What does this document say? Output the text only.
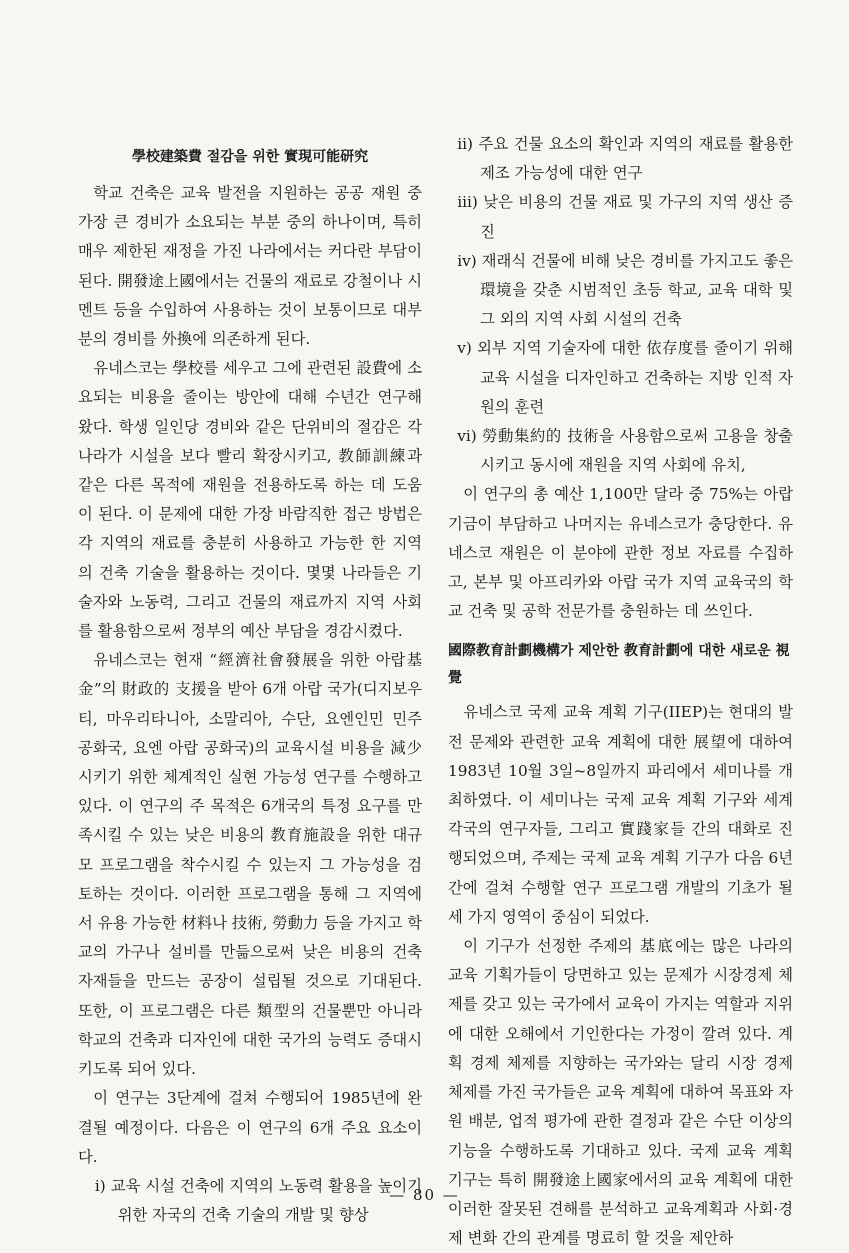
學校建築費 절감을 위한 實現可能研究

학교 건축은 교육 발전을 지원하는 공공 재원 중 가장 큰 경비가 소요되는 부분 중의 하나이며, 특히 매우 제한된 재정을 가진 나라에서는 커다란 부담이 된다. 開發途上國에서는 건물의 재료로 강철이나 시멘트 등을 수입하여 사용하는 것이 보통이므로 대부분의 경비를 外換에 의존하게 된다.

유네스코는 學校를 세우고 그에 관련된 設費에 소요되는 비용을 줄이는 방안에 대해 수년간 연구해 왔다. 학생 일인당 경비와 같은 단위비의 절감은 각 나라가 시설을 보다 빨리 확장시키고, 教師訓練과 같은 다른 목적에 재원을 전용하도록 하는 데 도움이 된다. 이 문제에 대한 가장 바람직한 접근 방법은 각 지역의 재료를 충분히 사용하고 가능한 한 지역의 건축 기술을 활용하는 것이다. 몇몇 나라들은 기술자와 노동력, 그리고 건물의 재료까지 지역 사회를 활용함으로써 정부의 예산 부담을 경감시켰다.

유네스코는 현재 “經濟社會發展을 위한 아랍基金”의 財政的 支援을 받아 6개 아랍 국가(디지보우티, 마우리타니아, 소말리아, 수단, 요엔인민 민주 공화국, 요엔 아랍 공화국)의 교육시설 비용을 減少시키기 위한 체계적인 실현 가능성 연구를 수행하고 있다. 이 연구의 주 목적은 6개국의 특정 요구를 만족시킬 수 있는 낮은 비용의 教育施設을 위한 대규모 프로그램을 착수시킬 수 있는지 그 가능성을 검토하는 것이다. 이러한 프로그램을 통해 그 지역에서 유용 가능한 材料나 技術, 勞動力 등을 가지고 학교의 가구나 설비를 만듦으로써 낮은 비용의 건축 자재들을 만드는 공장이 설립될 것으로 기대된다. 또한, 이 프로그램은 다른 類型의 건물뿐만 아니라 학교의 건축과 디자인에 대한 국가의 능력도 증대시키도록 되어 있다.

이 연구는 3단계에 걸쳐 수행되어 1985년에 완결될 예정이다. 다음은 이 연구의 6개 주요 요소이다.

i) 교육 시설 건축에 지역의 노동력 활용을 높이기 위한 자국의 건축 기술의 개발 및 향상
ii) 주요 건물 요소의 확인과 지역의 재료를 활용한 제조 가능성에 대한 연구
iii) 낮은 비용의 건물 재료 및 가구의 지역 생산 증진
iv) 재래식 건물에 비해 낮은 경비를 가지고도 좋은 環境을 갖춘 시범적인 초등 학교, 교육 대학 및 그 외의 지역 사회 시설의 건축
v) 외부 지역 기술자에 대한 依存度를 줄이기 위해 교육 시설을 디자인하고 건축하는 지방 인적 자원의 훈련
vi) 勞動集約的 技術을 사용함으로써 고용을 창출시키고 동시에 재원을 지역 사회에 유치,

이 연구의 총 예산 1,100만 달라 중 75%는 아랍 기금이 부담하고 나머지는 유네스코가 충당한다. 유네스코 재원은 이 분야에 관한 정보 자료를 수집하고, 본부 및 아프리카와 아랍 국가 지역 교육국의 학교 건축 및 공학 전문가를 충원하는 데 쓰인다.

國際教育計劃機構가 제안한 教育計劃에 대한 새로운 視覺

유네스코 국제 교육 계획 기구(IIEP)는 현대의 발전 문제와 관련한 교육 계획에 대한 展望에 대하여 1983년 10월 3일~8일까지 파리에서 세미나를 개최하였다. 이 세미나는 국제 교육 계획 기구와 세계 각국의 연구자들, 그리고 實踐家들 간의 대화로 진행되었으며, 주제는 국제 교육 계획 기구가 다음 6년간에 걸쳐 수행할 연구 프로그램 개발의 기초가 될 세 가지 영역이 중심이 되었다.

이 기구가 선정한 주제의 基底에는 많은 나라의 교육 기획가들이 당면하고 있는 문제가 시장경제 체제를 갖고 있는 국가에서 교육이 가지는 역할과 지위에 대한 오해에서 기인한다는 가정이 깔려 있다. 계획 경제 체제를 지향하는 국가와는 달리 시장 경제 체제를 가진 국가들은 교육 계획에 대하여 목표와 자원 배분, 업적 평가에 관한 결정과 같은 수단 이상의 기능을 수행하도록 기대하고 있다. 국제 교육 계획 기구는 특히 開發途上國家에서의 교육 계획에 대한 이러한 잘못된 견해를 분석하고 교육계획과 사회·경제 변화 간의 관계를 명료히 할 것을 제안하

— 80 —
